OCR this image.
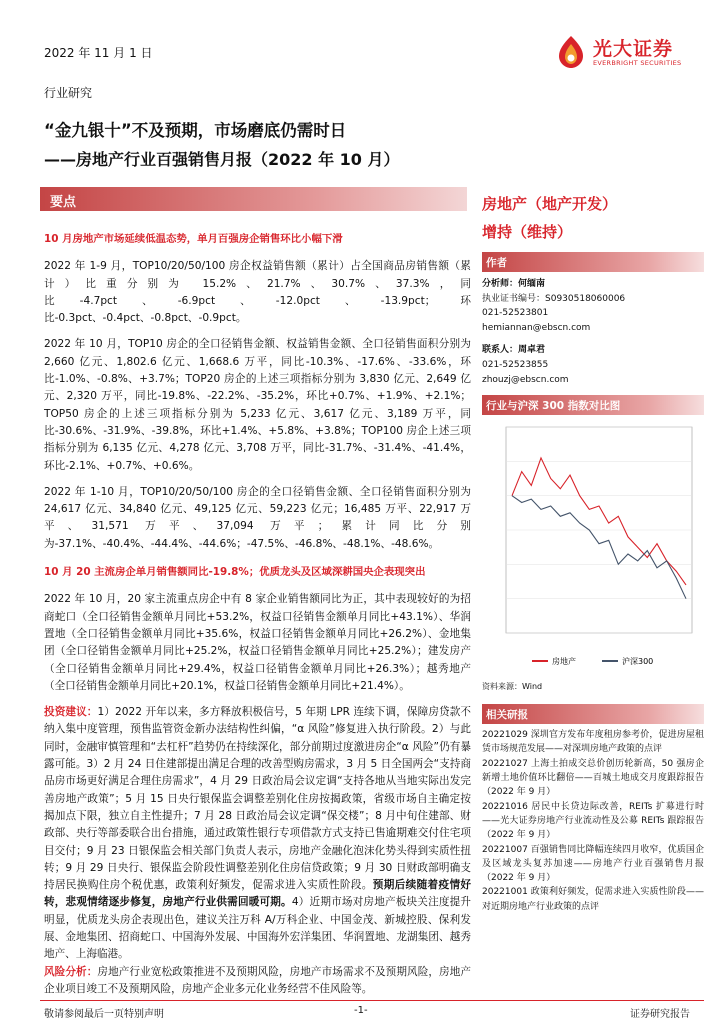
2022 年 11 月 1 日	光大证券
EVERBRIGHT SECURITIES
行业研究
“金九银十”不及预期，市场磨底仍需时日
——房地产行业百强销售月报（2022 年 10 月）
要点
10 月房地产市场延续低温态势，单月百强房企销售环比小幅下滑

2022 年 1-9 月，TOP10/20/50/100 房企权益销售额（累计）占全国商品房销售额（累计）比重分别为 15.2%、21.7%、30.7%、37.3%，同比-4.7pct、-6.9pct、-12.0pct、-13.9pct；环比-0.3pct、-0.4pct、-0.8pct、-0.9pct。

2022 年 10 月，TOP10 房企的全口径销售金额、权益销售金额、全口径销售面积分别为 2,660 亿元、1,802.6 亿元、1,668.6 万平，同比-10.3%、-17.6%、-33.6%，环比-1.0%、-0.8%、+3.7%；TOP20 房企的上述三项指标分别为 3,830 亿元、2,649 亿元、2,320 万平，同比-19.8%、-22.2%、-35.2%，环比+0.7%、+1.9%、+2.1%；TOP50 房企的上述三项指标分别为 5,233 亿元、3,617 亿元、3,189 万平，同比-30.6%、-31.9%、-39.8%，环比+1.4%、+5.8%、+3.8%；TOP100 房企上述三项指标分别为 6,135 亿元、4,278 亿元、3,708 万平，同比-31.7%、-31.4%、-41.4%，环比-2.1%、+0.7%、+0.6%。

2022 年 1-10 月，TOP10/20/50/100 房企的全口径销售金额、全口径销售面积分别为 24,617 亿元、34,840 亿元、49,125 亿元、59,223 亿元；16,485 万平、22,917 万平、31,571 万平、37,094 万平；累计同比分别为-37.1%、-40.4%、-44.4%、-44.6%；-47.5%、-46.8%、-48.1%、-48.6%。

10 月 20 主流房企单月销售额同比-19.8%；优质龙头及区域深耕国央企表现突出

2022 年 10 月，20 家主流重点房企中有 8 家企业销售额同比为正，其中表现较好的为招商蛇口（全口径销售金额单月同比+53.2%，权益口径销售金额单月同比+43.1%）、华润置地（全口径销售金额单月同比+35.6%，权益口径销售金额单月同比+26.2%）、金地集团（全口径销售金额单月同比+25.2%，权益口径销售金额单月同比+25.2%）；建发房产（全口径销售金额单月同比+29.4%，权益口径销售金额单月同比+26.3%）；越秀地产（全口径销售金额单月同比+20.1%，权益口径销售金额单月同比+21.4%）。

投资建议：1）2022 开年以来，多方释放积极信号，5 年期 LPR 连续下调，保障房贷款不纳入集中度管理，预售监管资金新办法结构性纠偏，“α 风险”修复进入执行阶段。2）与此同时，金融审慎管理和“去杠杆”趋势仍在持续深化，部分前期过度激进房企“α 风险”仍有暴露可能。3）2 月 24 日住建部提出满足合理的改善型购房需求，3 月 5 日全国两会“支持商品房市场更好满足合理住房需求”，4 月 29 日政治局会议定调“支持各地从当地实际出发完善房地产政策”；5 月 15 日央行银保监会调整差别化住房按揭政策，省级市场自主确定按揭加点下限，独立自主性提升；7 月 28 日政治局会议定调“保交楼”；8 月中旬住建部、财政部、央行等部委联合出台措施，通过政策性银行专项借款方式支持已售逾期难交付住宅项目交付；9 月 23 日银保监会相关部门负责人表示，房地产金融化泡沫化势头得到实质性扭转；9 月 29 日央行、银保监会阶段性调整差别化住房信贷政策；9 月 30 日财政部明确支持居民换购住房个税优惠，政策利好频发，促需求进入实质性阶段。预期后续随着疫情好转，悲观情绪逐步修复，房地产行业供需回暖可期。4）近期市场对房地产板块关注度提升明显，优质龙头房企表现出色，建议关注万科 A/万科企业、中国金茂、新城控股、保利发展、金地集团、招商蛇口、中国海外发展、中国海外宏洋集团、华润置地、龙湖集团、越秀地产、上海临港。

风险分析：房地产行业宽松政策推进不及预期风险，房地产市场需求不及预期风险，房地产企业项目竣工不及预期风险，房地产企业多元化业务经营不佳风险等。

房地产（地产开发）
增持（维持）
作者
分析师：何缅南
执业证书编号：S0930518060006
021-52523801
hemiannan@ebscn.com
联系人：周卓君
021-52523855
zhouzj@ebscn.com
行业与沪深 300 指数对比图
房地产	沪深300
资料来源：Wind
相关研报
20221029 深圳官方发布年度租房参考价，促进房屋租赁市场规范发展——对深圳房地产政策的点评
20221027 上海土拍成交总价创历轮新高，50 强房企新增土地价值环比翻倍——百城土地成交月度跟踪报告（2022 年 9 月）
20221016 居民中长贷边际改善，REITs 扩募进行时——光大证券房地产行业流动性及公募 REITs 跟踪报告（2022 年 9 月）
20221007 百强销售同比降幅连续四月收窄，优质国企及区域龙头复苏加速——房地产行业百强销售月报（2022 年 9 月）
20221001 政策利好频发，促需求进入实质性阶段——对近期房地产行业政策的点评
敬请参阅最后一页特别声明	-1-	证券研究报告
